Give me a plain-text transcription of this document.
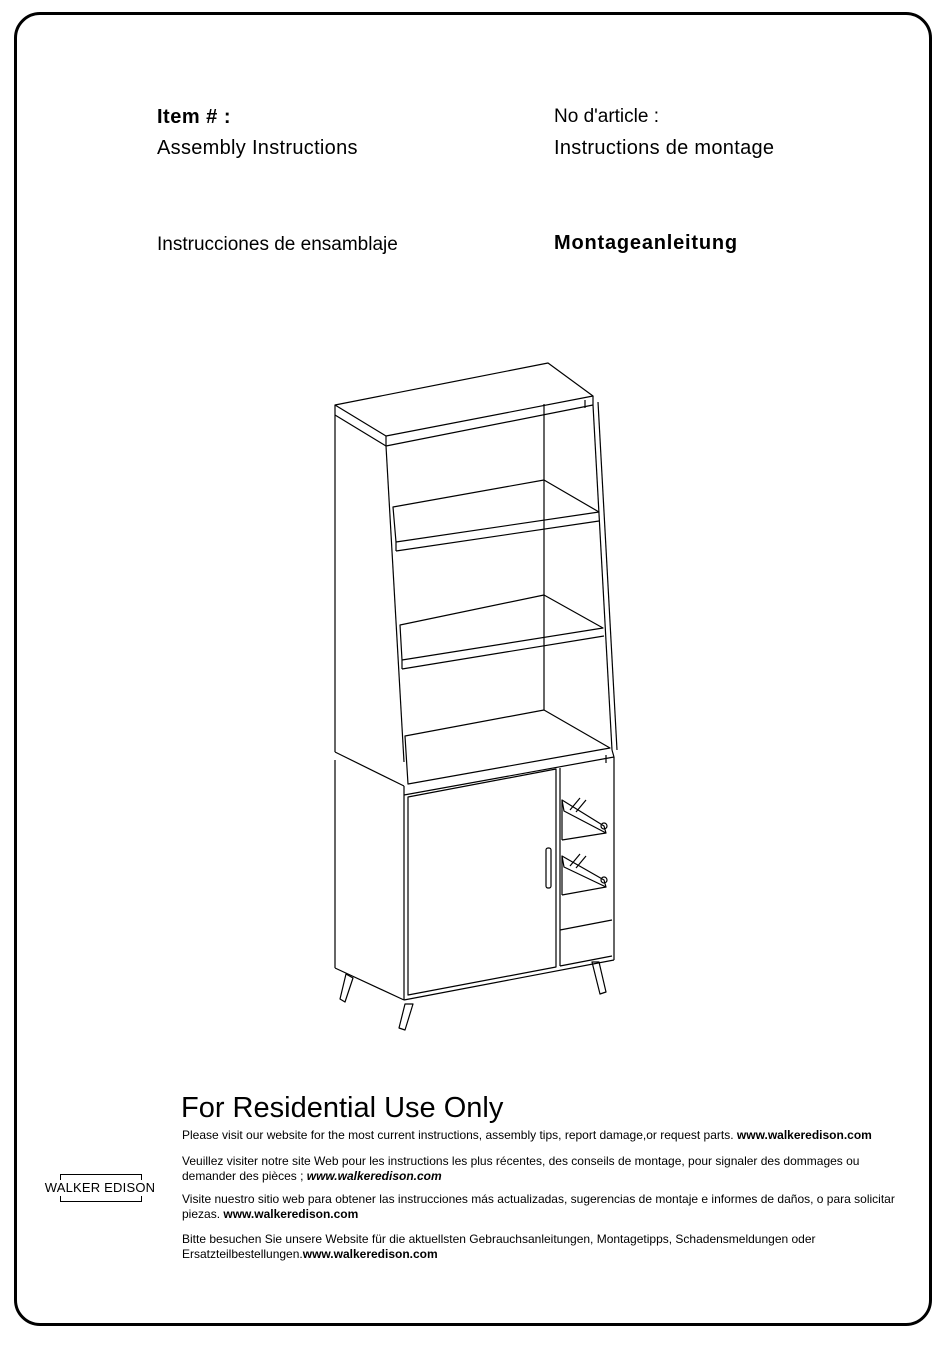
Item # :	No d'article :
Assembly Instructions	Instructions de montage
Instrucciones de ensamblaje	Montageanleitung
For Residential Use Only
Please visit our website for the most current instructions, assembly tips, report damage,or request parts. www.walkeredison.com
Veuillez visiter notre site Web pour les instructions les plus récentes, des conseils de montage, pour signaler des dommages ou demander des pièces ; www.walkeredison.com
Visite nuestro sitio web para obtener las instrucciones más actualizadas, sugerencias de montaje e informes de daños, o para solicitar piezas. www.walkeredison.com
Bitte besuchen Sie unsere Website für die aktuellsten Gebrauchsanleitungen, Montagetipps, Schadensmeldungen oder Ersatzteilbestellungen.www.walkeredison.com
WALKER EDISON
